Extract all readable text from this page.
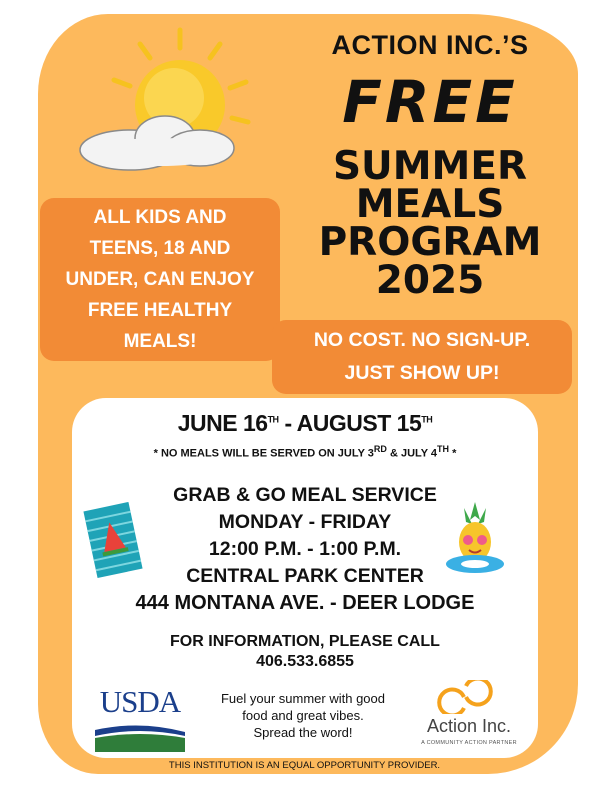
ACTION INC.’S

FREE

SUMMER
MEALS
PROGRAM
2025
ALL KIDS AND
TEENS, 18 AND
UNDER, CAN ENJOY
FREE HEALTHY
MEALS!	NO COST. NO SIGN-UP.
JUST SHOW UP!
JUNE 16TH - AUGUST 15TH
* NO MEALS WILL BE SERVED ON JULY 3RD & JULY 4TH *
GRAB & GO MEAL SERVICE
MONDAY - FRIDAY
12:00 P.M. - 1:00 P.M.
CENTRAL PARK CENTER
444 MONTANA AVE. - DEER LODGE
FOR INFORMATION, PLEASE CALL
406.533.6855
USDA	Fuel your summer with good
food and great vibes.
Spread the word!	Action Inc.
A COMMUNITY ACTION PARTNER
THIS INSTITUTION IS AN EQUAL OPPORTUNITY PROVIDER.
